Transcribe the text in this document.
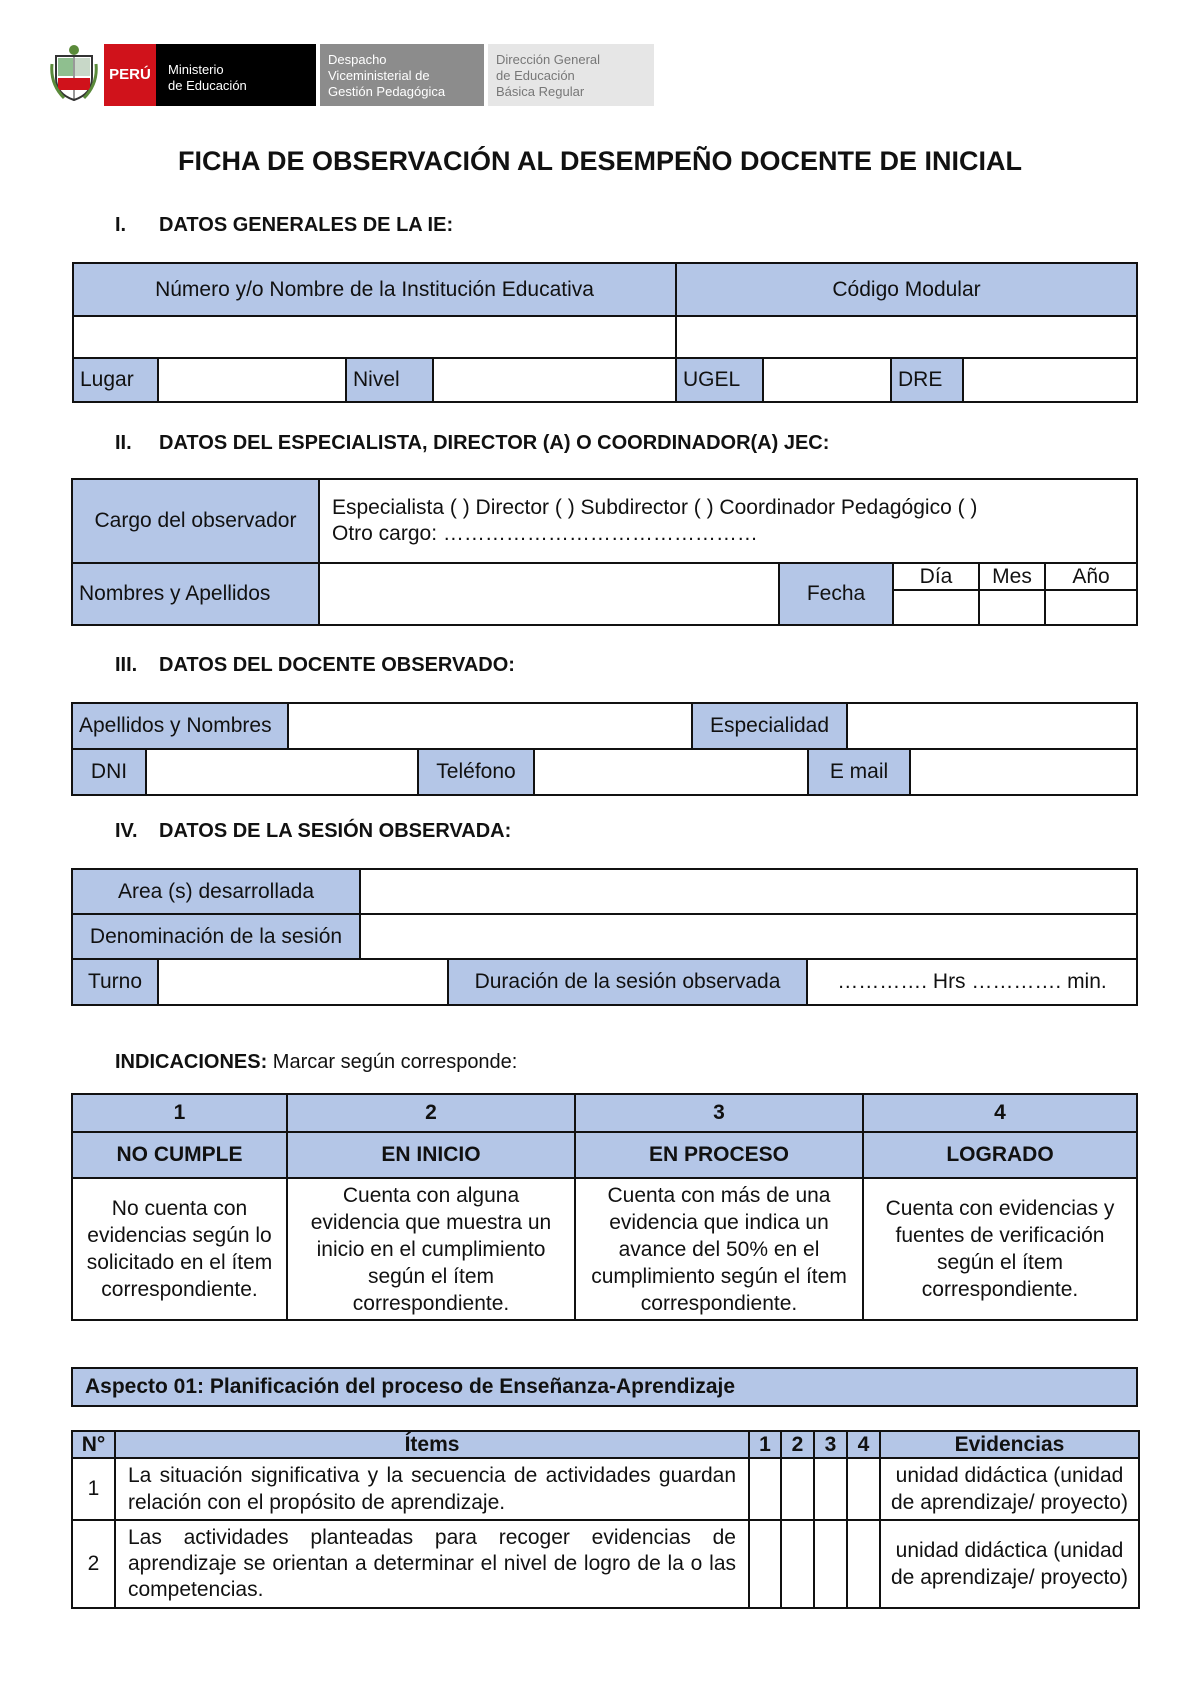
PERÚ	Ministerio
de Educación
Despacho
Viceministerial de
Gestión Pedagógica
Dirección General
de Educación
Básica Regular
FICHA DE OBSERVACIÓN AL DESEMPEÑO DOCENTE DE INICIAL
I. DATOS GENERALES DE LA IE:
Número y/o Nombre de la Institución Educativa				Código Modular			

Lugar		Nivel		UGEL		DRE	
II. DATOS DEL ESPECIALISTA, DIRECTOR (A) O COORDINADOR(A) JEC:
Cargo del observador	Especialista ( ) Director ( ) Subdirector ( ) Coordinador Pedagógico ( )
Otro cargo: ………………………………………				

Nombres y Apellidos		Fecha	Día	Mes	Año

III. DATOS DEL DOCENTE OBSERVADO:
Apellidos y Nombres		Especialidad	
DNI		Teléfono		E mail	
IV. DATOS DE LA SESIÓN OBSERVADA:
Area (s) desarrollada	
Denominación de la sesión	
Turno		Duración de la sesión observada	…………. Hrs …………. min.
INDICACIONES: Marcar según corresponde:
1	2	3	4
NO CUMPLE	EN INICIO	EN PROCESO	LOGRADO
No cuenta con evidencias según lo solicitado en el ítem correspondiente.	Cuenta con alguna evidencia que muestra un inicio en el cumplimiento según el ítem correspondiente.	Cuenta con más de una evidencia que indica un avance del 50% en el cumplimiento según el ítem correspondiente.	Cuenta con evidencias y fuentes de verificación según el ítem correspondiente.
Aspecto 01: Planificación del proceso de Enseñanza-Aprendizaje
N°	Ítems	1	2	3	4	Evidencias
1	La situación significativa y la secuencia de actividades guardan relación con el propósito de aprendizaje.					unidad didáctica (unidad de aprendizaje/ proyecto)
2	Las actividades planteadas para recoger evidencias de aprendizaje se orientan a determinar el nivel de logro de la o las competencias.					unidad didáctica (unidad de aprendizaje/ proyecto)
